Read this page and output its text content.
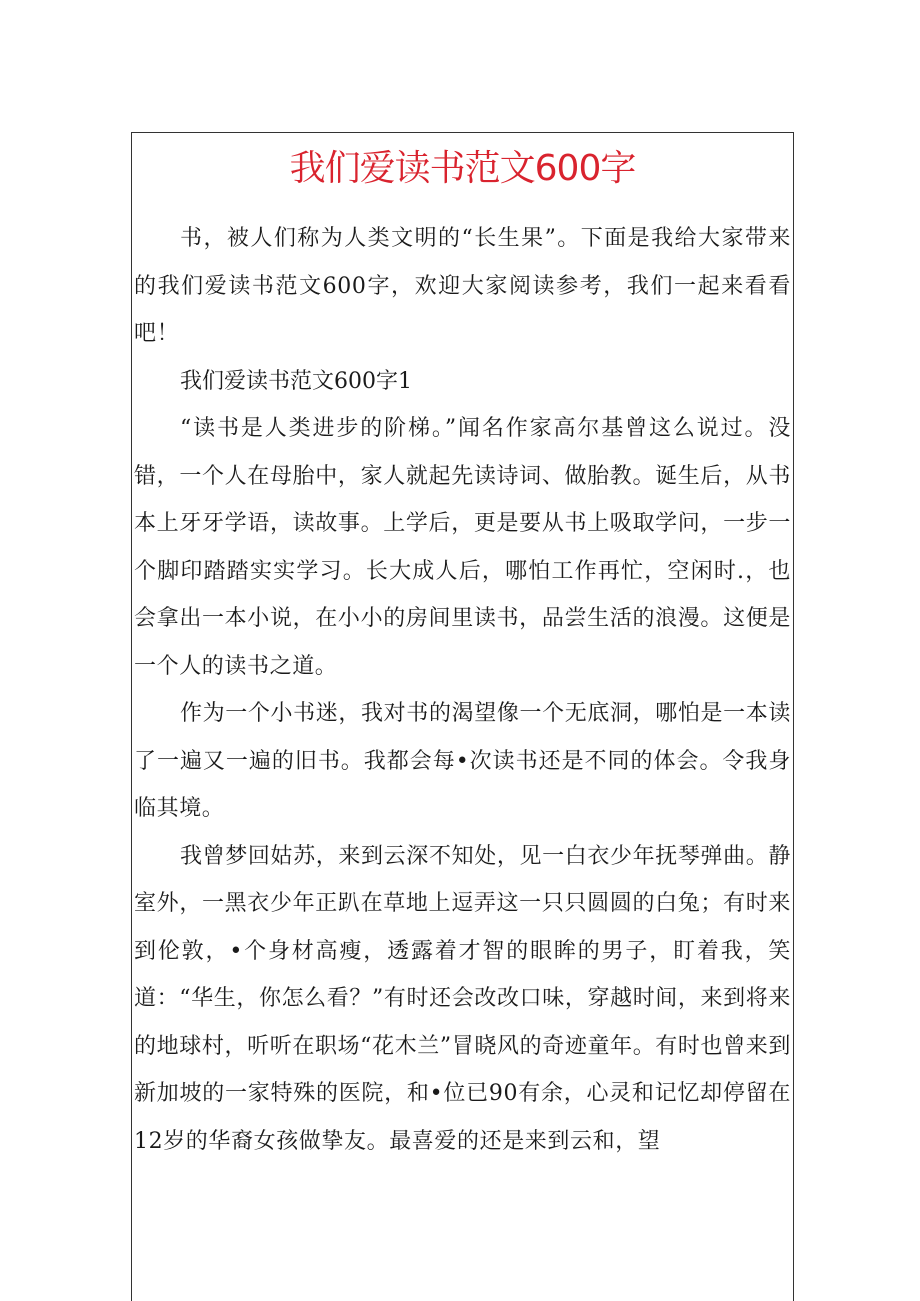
我们爱读书范文600字

书，被人们称为人类文明的“长生果”。下面是我给大家带来的我们爱读书范文600字，欢迎大家阅读参考，我们一起来看看吧！

我们爱读书范文600字1

“读书是人类进步的阶梯。”闻名作家高尔基曾这么说过。没错，一个人在母胎中，家人就起先读诗词、做胎教。诞生后，从书本上牙牙学语，读故事。上学后，更是要从书上吸取学问，一步一个脚印踏踏实实学习。长大成人后，哪怕工作再忙，空闲时.，也会拿出一本小说，在小小的房间里读书，品尝生活的浪漫。这便是一个人的读书之道。

作为一个小书迷，我对书的渴望像一个无底洞，哪怕是一本读了一遍又一遍的旧书。我都会每•次读书还是不同的体会。令我身临其境。

我曾梦回姑苏，来到云深不知处，见一白衣少年抚琴弹曲。静室外，一黑衣少年正趴在草地上逗弄这一只只圆圆的白兔；有时来到伦敦，•个身材高瘦，透露着才智的眼眸的男子，盯着我，笑道：“华生，你怎么看？”有时还会改改口味，穿越时间，来到将来的地球村，听听在职场“花木兰”冒晓风的奇迹童年。有时也曾来到新加坡的一家特殊的医院，和•位已90有余，心灵和记忆却停留在12岁的华裔女孩做挚友。最喜爱的还是来到云和，望
